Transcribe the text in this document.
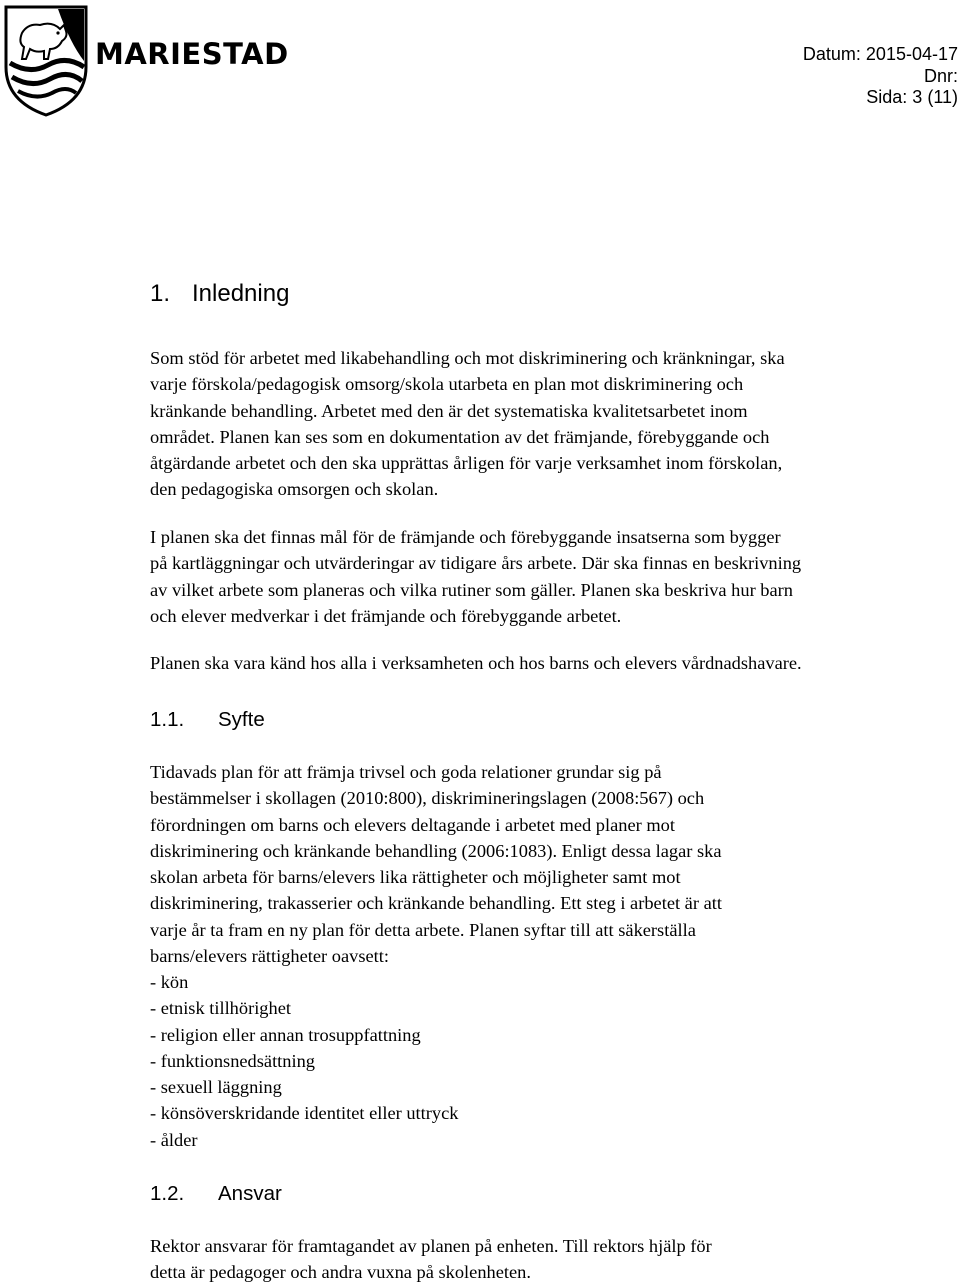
MARIESTAD	Datum: 2015-04-17
Dnr:
Sida: 3 (11)
1. Inledning

Som stöd för arbetet med likabehandling och mot diskriminering och kränkningar, ska
varje förskola/pedagogisk omsorg/skola utarbeta en plan mot diskriminering och
kränkande behandling. Arbetet med den är det systematiska kvalitetsarbetet inom
området. Planen kan ses som en dokumentation av det främjande, förebyggande och
åtgärdande arbetet och den ska upprättas årligen för varje verksamhet inom förskolan,
den pedagogiska omsorgen och skolan.

I planen ska det finnas mål för de främjande och förebyggande insatserna som bygger
på kartläggningar och utvärderingar av tidigare års arbete. Där ska finnas en beskrivning
av vilket arbete som planeras och vilka rutiner som gäller. Planen ska beskriva hur barn
och elever medverkar i det främjande och förebyggande arbetet.

Planen ska vara känd hos alla i verksamheten och hos barns och elevers vårdnadshavare.

1.1. Syfte

Tidavads plan för att främja trivsel och goda relationer grundar sig på
bestämmelser i skollagen (2010:800), diskrimineringslagen (2008:567) och
förordningen om barns och elevers deltagande i arbetet med planer mot
diskriminering och kränkande behandling (2006:1083). Enligt dessa lagar ska
skolan arbeta för barns/elevers lika rättigheter och möjligheter samt mot
diskriminering, trakasserier och kränkande behandling. Ett steg i arbetet är att
varje år ta fram en ny plan för detta arbete. Planen syftar till att säkerställa
barns/elevers rättigheter oavsett:

- kön
- etnisk tillhörighet
- religion eller annan trosuppfattning
- funktionsnedsättning
- sexuell läggning
- könsöverskridande identitet eller uttryck
- ålder
1.2. Ansvar

Rektor ansvarar för framtagandet av planen på enheten. Till rektors hjälp för
detta är pedagoger och andra vuxna på skolenheten.
